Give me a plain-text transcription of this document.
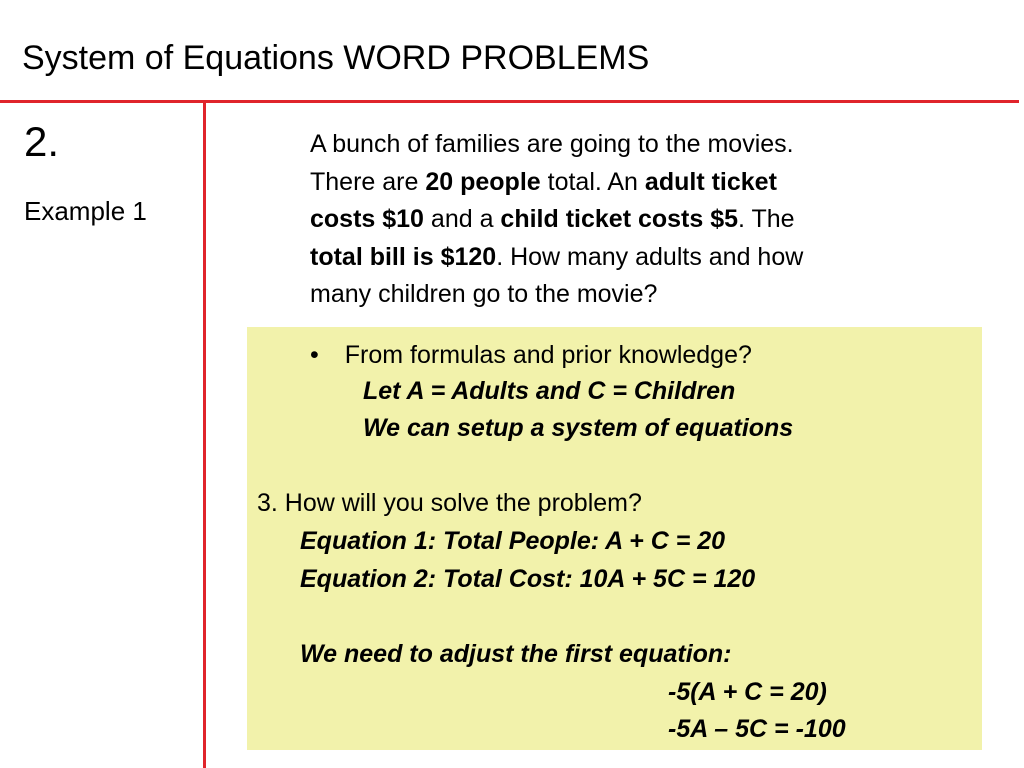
System of Equations WORD PROBLEMS
2.
Example 1
A bunch of families are going to the movies.
There are 20 people total. An adult ticket
costs $10 and a child ticket costs $5. The
total bill is $120. How many adults and how
many children go to the movie?
• From formulas and prior knowledge?
Let A = Adults and C = Children
We can setup a system of equations
3. How will you solve the problem?
Equation 1: Total People: A + C = 20
Equation 2: Total Cost: 10A + 5C = 120
We need to adjust the first equation:
-5(A + C = 20)
-5A – 5C = -100
